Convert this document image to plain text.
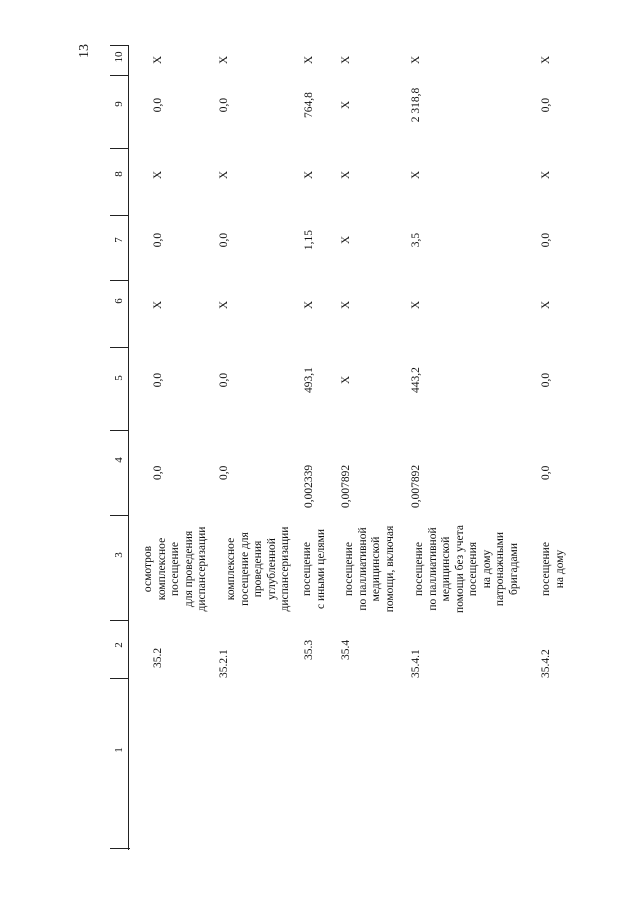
13
1
2
3
4
5
6
7
8
9
10
35.2
осмотров
комплексное
посещение
для проведения
диспансеризации
0,0
0,0
Х
0,0
Х
0,0
Х
35.2.1
комплексное
посещение для
проведения
углубленной
диспансеризации
0,0
0,0
Х
0,0
Х
0,0
Х
35.3
посещение
с иными целями
0,002339
493,1
Х
1,15
Х
764,8
Х
35.4
посещение
по паллиативной
медицинской
помощи, включая
0,007892
Х
Х
Х
Х
Х
Х
35.4.1
посещение
по паллиативной
медицинской
помощи без учета
посещения
на дому
патронажными
бригадами
0,007892
443,2
Х
3,5
Х
2 318,8
Х
35.4.2
посещение
на дому
0,0
0,0
Х
0,0
Х
0,0
Х
